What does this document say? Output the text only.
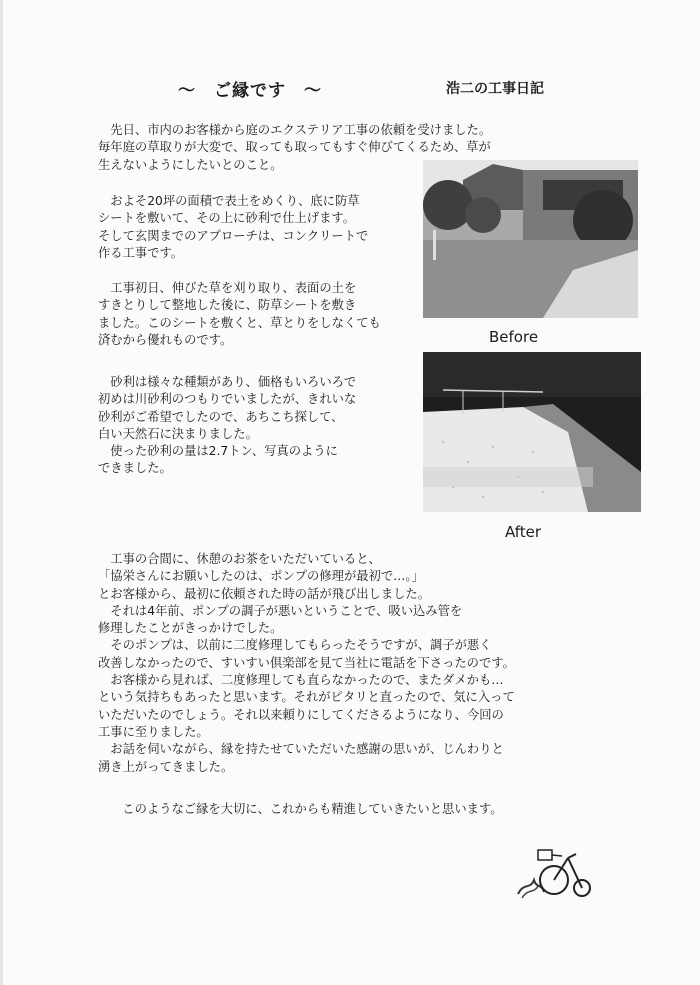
～　ご縁です　～	浩二の工事日記

　先日、市内のお客様から庭のエクステリア工事の依頼を受けました。
毎年庭の草取りが大変で、取っても取ってもすぐ伸びてくるため、草が
生えないようにしたいとのこと。

　およそ20坪の面積で表土をめくり、底に防草
シートを敷いて、その上に砂利で仕上げます。
そして玄関までのアプローチは、コンクリートで
作る工事です。

　工事初日、伸びた草を刈り取り、表面の土を
すきとりして整地した後に、防草シートを敷き
ました。このシートを敷くと、草とりをしなくても
済むから優れものです。	Before

　砂利は様々な種類があり、価格もいろいろで
初めは川砂利のつもりでいましたが、きれいな
砂利がご希望でしたので、あちこち探して、
白い天然石に決まりました。
　使った砂利の量は2.7トン、写真のように
できました。

After

　工事の合間に、休憩のお茶をいただいていると、
「協栄さんにお願いしたのは、ポンプの修理が最初で…。」
とお客様から、最初に依頼された時の話が飛び出しました。
　それは4年前、ポンプの調子が悪いということで、吸い込み管を
修理したことがきっかけでした。
　そのポンプは、以前に二度修理してもらったそうですが、調子が悪く
改善しなかったので、すいすい倶楽部を見て当社に電話を下さったのです。
　お客様から見れば、二度修理しても直らなかったので、またダメかも…
という気持ちもあったと思います。それがピタリと直ったので、気に入って
いただいたのでしょう。それ以来頼りにしてくださるようになり、今回の
工事に至りました。
　お話を伺いながら、縁を持たせていただいた感謝の思いが、じんわりと
湧き上がってきました。

　このようなご縁を大切に、これからも精進していきたいと思います。
